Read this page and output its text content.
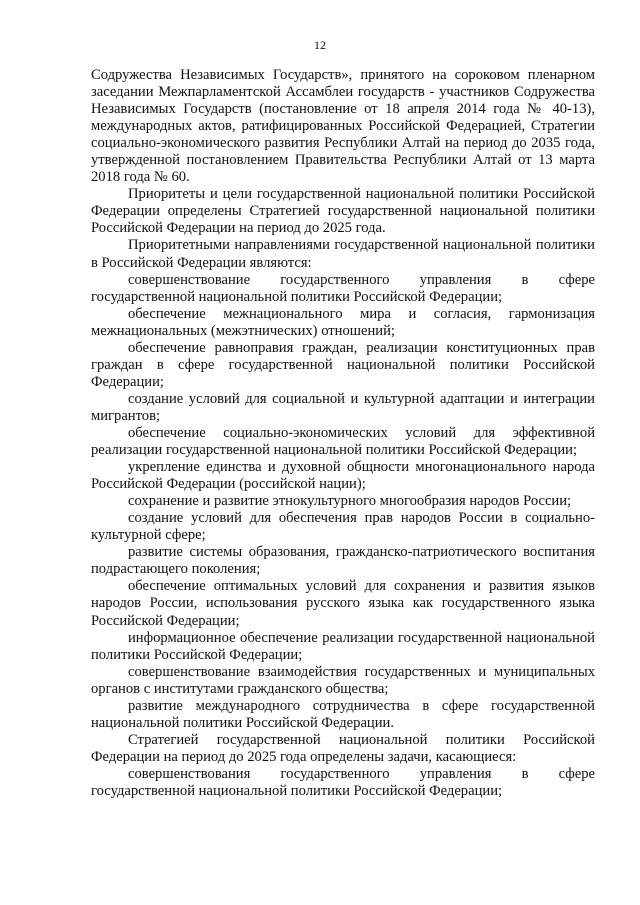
12

Содружества Независимых Государств», принятого на сороковом пленарном заседании Межпарламентской Ассамблеи государств - участников Содружества Независимых Государств (постановление от 18 апреля 2014 года № 40-13), международных актов, ратифицированных Российской Федерацией, Стратегии социально-экономического развития Республики Алтай на период до 2035 года, утвержденной постановлением Правительства Республики Алтай от 13 марта 2018 года № 60.

Приоритеты и цели государственной национальной политики Российской Федерации определены Стратегией государственной национальной политики Российской Федерации на период до 2025 года.

Приоритетными направлениями государственной национальной политики в Российской Федерации являются:

совершенствование государственного управления в сфере государственной национальной политики Российской Федерации;

обеспечение межнационального мира и согласия, гармонизация межнациональных (межэтнических) отношений;

обеспечение равноправия граждан, реализации конституционных прав граждан в сфере государственной национальной политики Российской Федерации;

создание условий для социальной и культурной адаптации и интеграции мигрантов;

обеспечение социально-экономических условий для эффективной реализации государственной национальной политики Российской Федерации;

укрепление единства и духовной общности многонационального народа Российской Федерации (российской нации);

сохранение и развитие этнокультурного многообразия народов России;

создание условий для обеспечения прав народов России в социально-культурной сфере;

развитие системы образования, гражданско-патриотического воспитания подрастающего поколения;

обеспечение оптимальных условий для сохранения и развития языков народов России, использования русского языка как государственного языка Российской Федерации;

информационное обеспечение реализации государственной национальной политики Российской Федерации;

совершенствование взаимодействия государственных и муниципальных органов с институтами гражданского общества;

развитие международного сотрудничества в сфере государственной национальной политики Российской Федерации.

Стратегией государственной национальной политики Российской Федерации на период до 2025 года определены задачи, касающиеся:

совершенствования государственного управления в сфере государственной национальной политики Российской Федерации;
